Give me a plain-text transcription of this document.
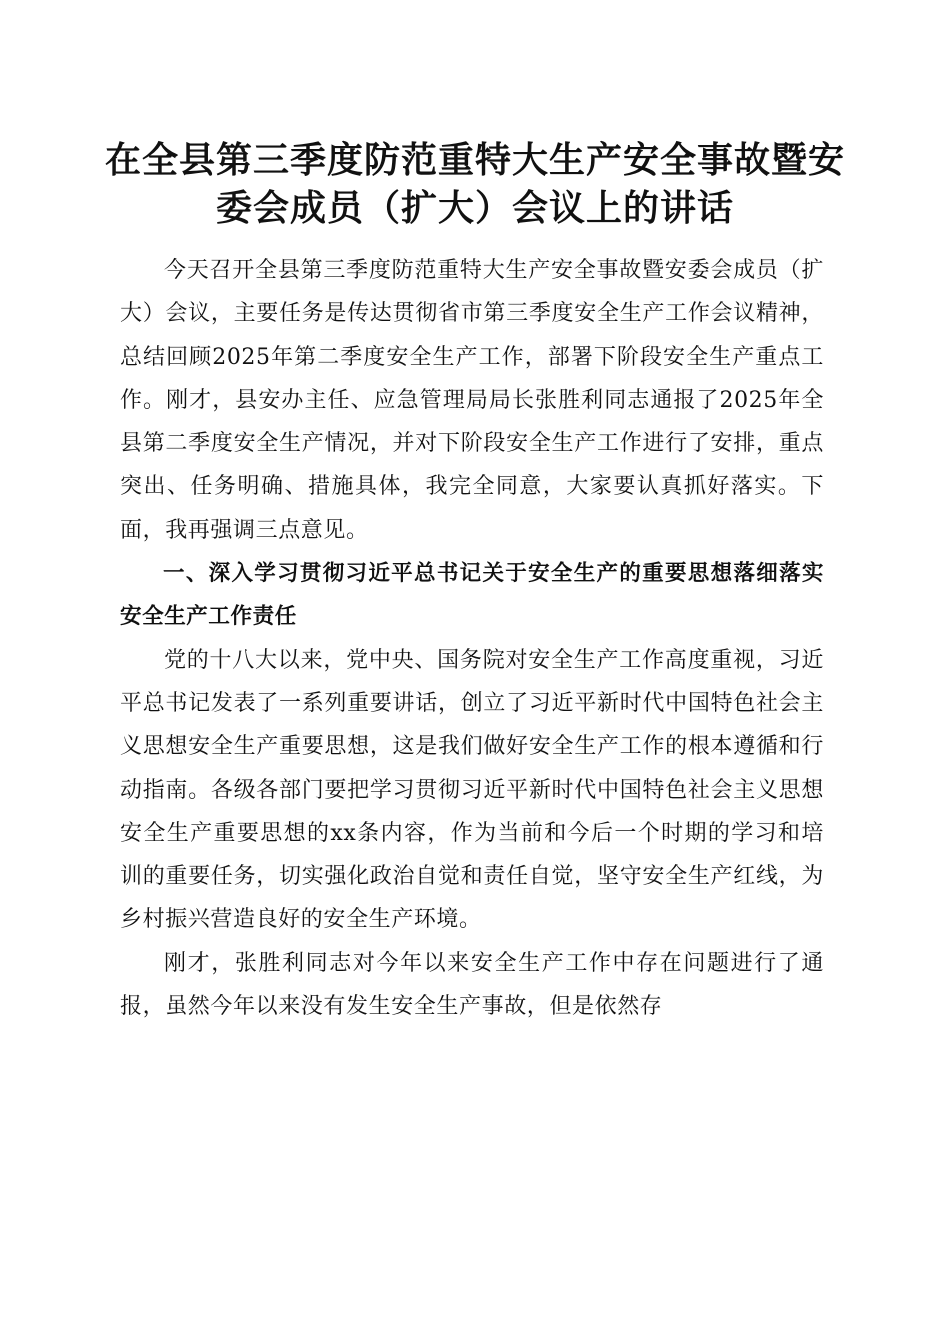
在全县第三季度防范重特大生产安全事故暨安
委会成员（扩大）会议上的讲话

今天召开全县第三季度防范重特大生产安全事故暨安委会成员（扩大）会议，主要任务是传达贯彻省市第三季度安全生产工作会议精神，总结回顾2025年第二季度安全生产工作，部署下阶段安全生产重点工作。刚才，县安办主任、应急管理局局长张胜利同志通报了2025年全县第二季度安全生产情况，并对下阶段安全生产工作进行了安排，重点突出、任务明确、措施具体，我完全同意，大家要认真抓好落实。下面，我再强调三点意见。

一、深入学习贯彻习近平总书记关于安全生产的重要思想落细落实安全生产工作责任

党的十八大以来，党中央、国务院对安全生产工作高度重视，习近平总书记发表了一系列重要讲话，创立了习近平新时代中国特色社会主义思想安全生产重要思想，这是我们做好安全生产工作的根本遵循和行动指南。各级各部门要把学习贯彻习近平新时代中国特色社会主义思想安全生产重要思想的xx条内容，作为当前和今后一个时期的学习和培训的重要任务，切实强化政治自觉和责任自觉，坚守安全生产红线，为乡村振兴营造良好的安全生产环境。

刚才，张胜利同志对今年以来安全生产工作中存在问题进行了通报，虽然今年以来没有发生安全生产事故，但是依然存
